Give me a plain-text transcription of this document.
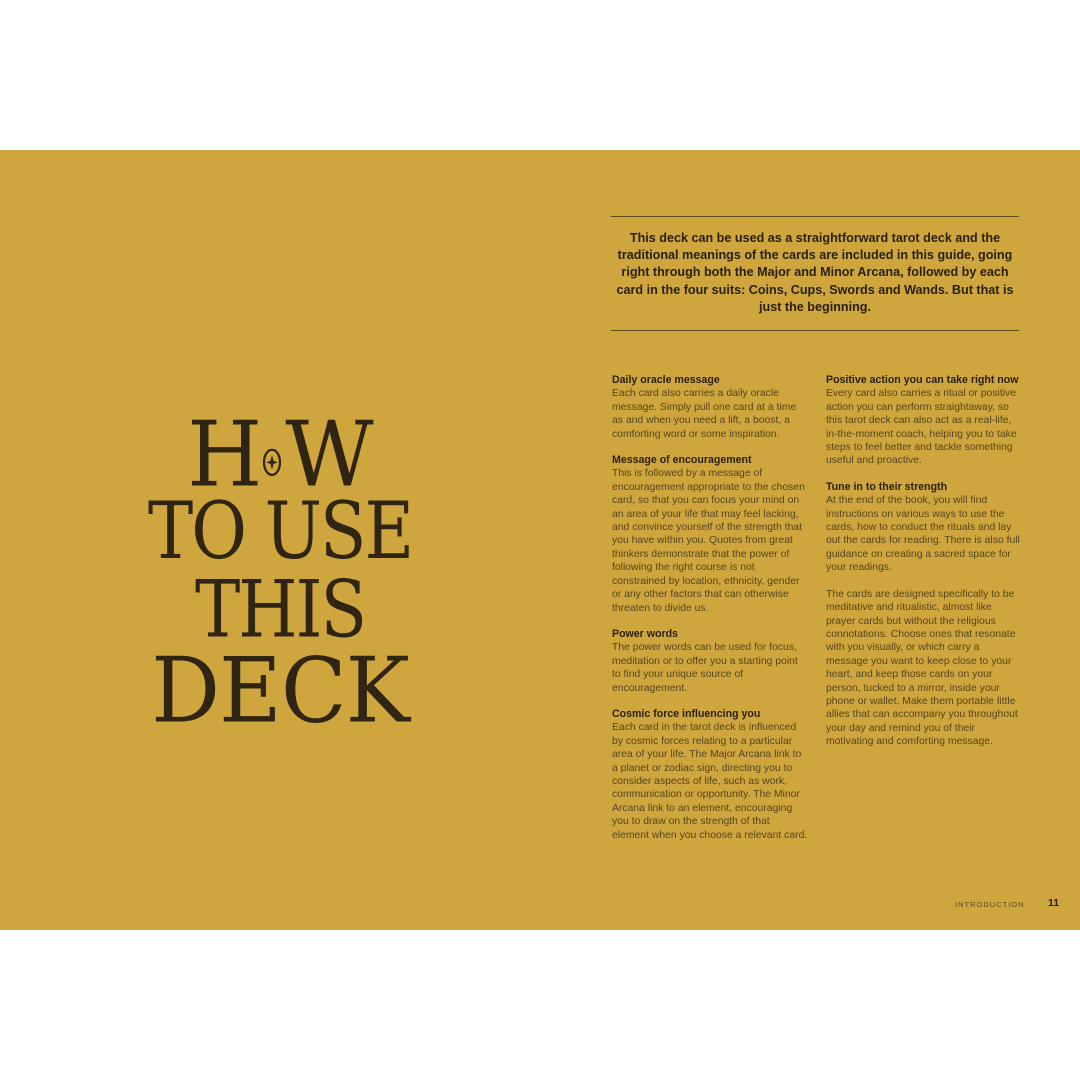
H W
TO USE THIS
DECK
This deck can be used as a straightforward tarot deck and the traditional meanings of the cards are included in this guide, going right through both the Major and Minor Arcana, followed by each card in the four suits: Coins, Cups, Swords and Wands. But that is just the beginning.
Daily oracle message

Each card also carries a daily oracle message. Simply pull one card at a time as and when you need a lift, a boost, a comforting word or some inspiration.

Message of encouragement

This is followed by a message of encouragement appropriate to the chosen card, so that you can focus your mind on an area of your life that may feel lacking, and convince yourself of the strength that you have within you. Quotes from great thinkers demonstrate that the power of following the right course is not constrained by location, ethnicity, gender or any other factors that can otherwise threaten to divide us.

Power words

The power words can be used for focus, meditation or to offer you a starting point to find your unique source of encouragement.

Cosmic force influencing you

Each card in the tarot deck is influenced by cosmic forces relating to a particular area of your life. The Major Arcana link to a planet or zodiac sign, directing you to consider aspects of life, such as work, communication or opportunity. The Minor Arcana link to an element, encouraging you to draw on the strength of that element when you choose a relevant card.

Positive action you can take right now

Every card also carries a ritual or positive action you can perform straightaway, so this tarot deck can also act as a real-life, in-the-moment coach, helping you to take steps to feel better and tackle something useful and proactive.

Tune in to their strength

At the end of the book, you will find instructions on various ways to use the cards, how to conduct the rituals and lay out the cards for reading. There is also full guidance on creating a sacred space for your readings.

The cards are designed specifically to be meditative and ritualistic, almost like prayer cards but without the religious connotations. Choose ones that resonate with you visually, or which carry a message you want to keep close to your heart, and keep those cards on your person, tucked to a mirror, inside your phone or wallet. Make them portable little allies that can accompany you throughout your day and remind you of their motivating and comforting message.

INTRODUCTION 11
